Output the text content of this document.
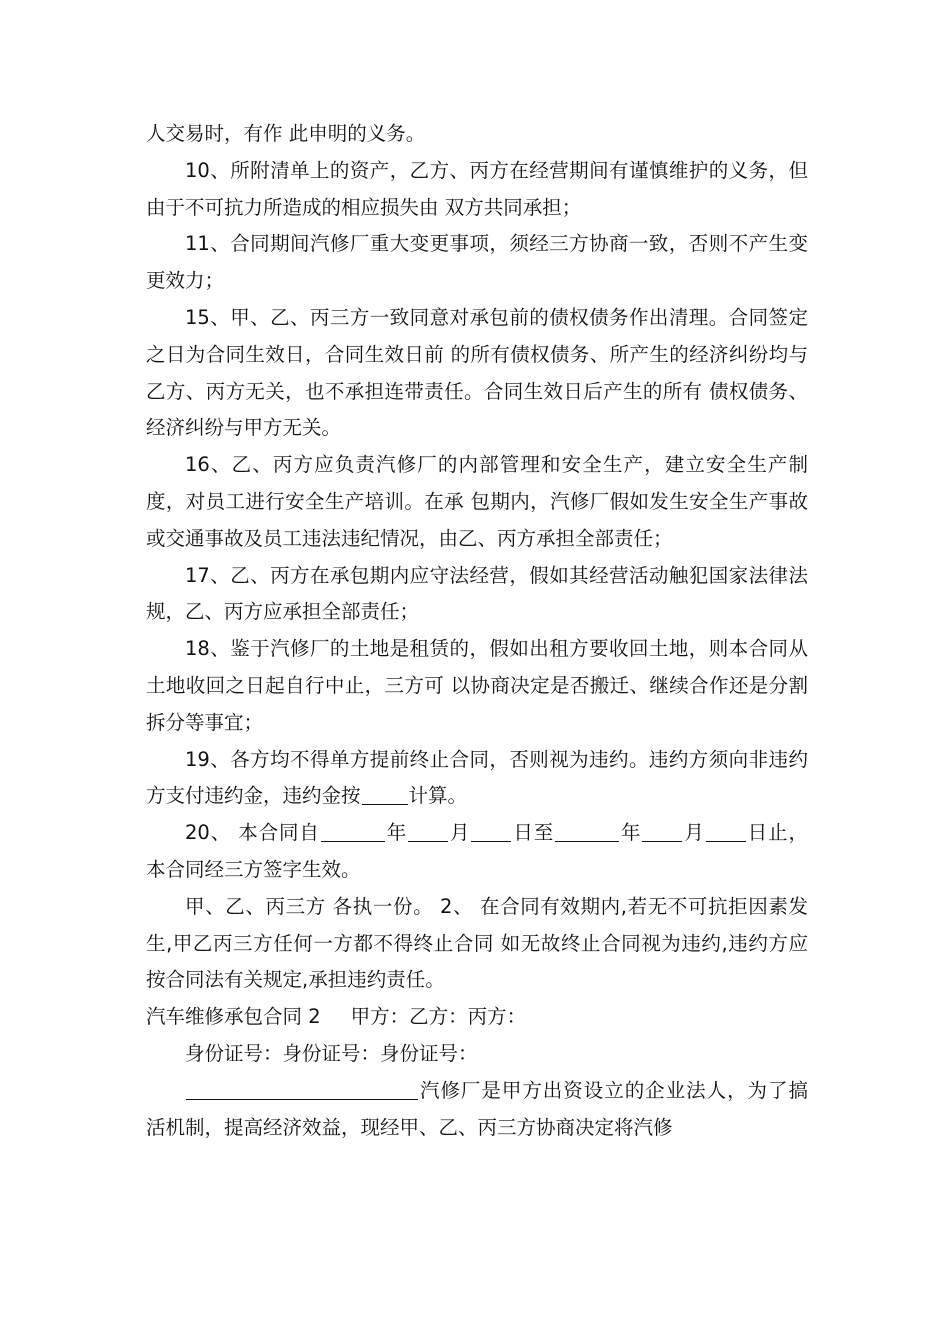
人交易时，有作 此申明的义务。

10、所附清单上的资产，乙方、丙方在经营期间有谨慎维护的义务，但由于不可抗力所造成的相应损失由 双方共同承担；

11、合同期间汽修厂重大变更事项，须经三方协商一致，否则不产生变更效力；

15、甲、乙、丙三方一致同意对承包前的债权债务作出清理。合同签定之日为合同生效日，合同生效日前 的所有债权债务、所产生的经济纠纷均与乙方、丙方无关，也不承担连带责任。合同生效日后产生的所有 债权债务、经济纠纷与甲方无关。

16、乙、丙方应负责汽修厂的内部管理和安全生产，建立安全生产制度，对员工进行安全生产培训。在承 包期内，汽修厂假如发生安全生产事故或交通事故及员工违法违纪情况，由乙、丙方承担全部责任；

17、乙、丙方在承包期内应守法经营，假如其经营活动触犯国家法律法规，乙、丙方应承担全部责任；

18、鉴于汽修厂的土地是租赁的，假如出租方要收回土地，则本合同从土地收回之日起自行中止，三方可 以协商决定是否搬迁、继续合作还是分割拆分等事宜；

19、各方均不得单方提前终止合同，否则视为违约。违约方须向非违约方支付违约金，违约金按 计算。

20、 本合同自	年 月 日至	年 月 日止，本合同经三方签字生效。

甲、乙、丙三方 各执一份。 2、 在合同有效期内,若无不可抗拒因素发生,甲乙丙三方任何一方都不得终止合同 如无故终止合同视为违约,违约方应按合同法有关规定,承担违约责任。

汽车维修承包合同 2 甲方：乙方：丙方：

身份证号：身份证号：身份证号：

汽修厂是甲方出资设立的企业法人，为了搞活机制，提高经济效益，现经甲、乙、丙三方协商决定将汽修
